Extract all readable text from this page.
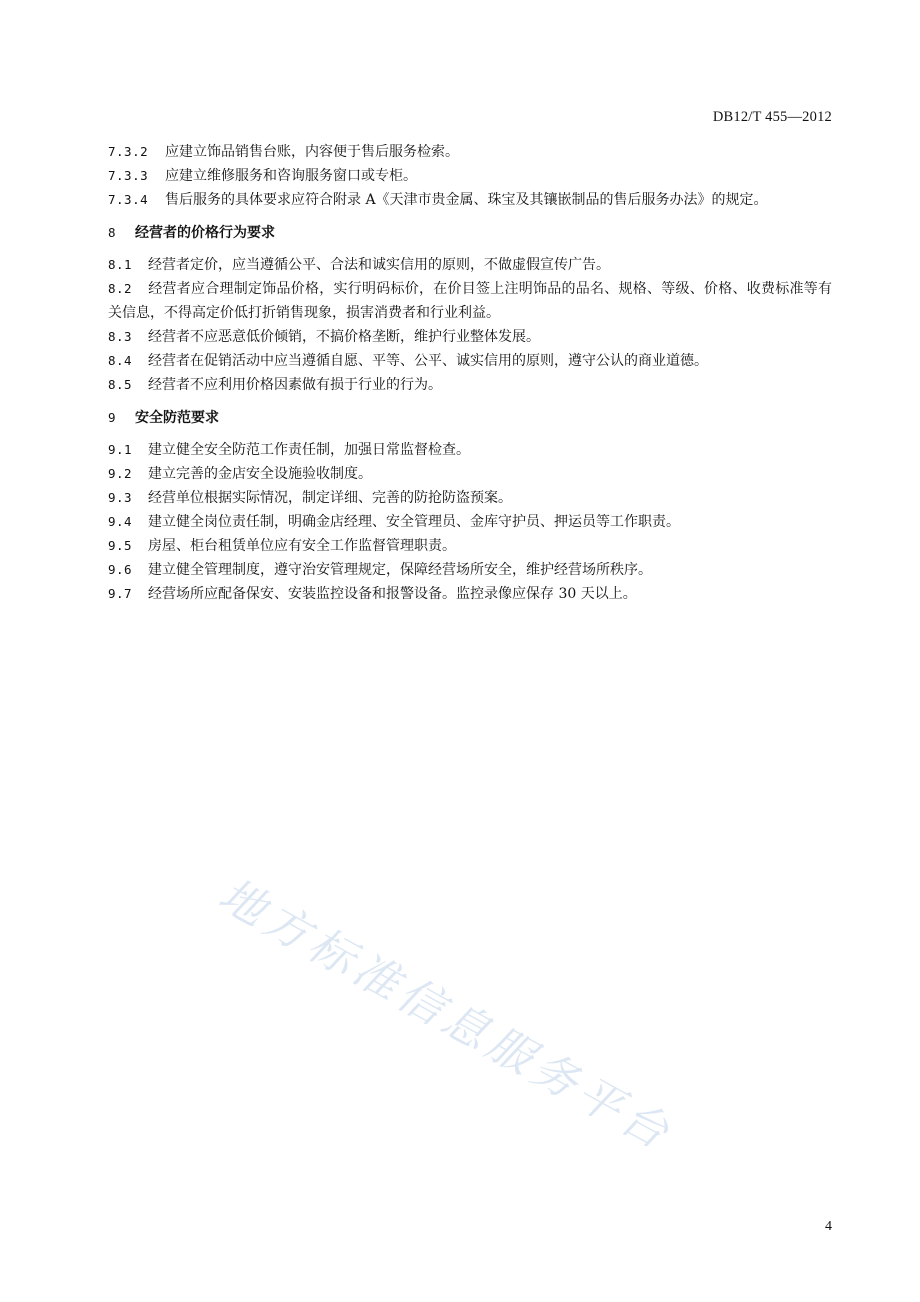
DB12/T 455—2012
7.3.2 应建立饰品销售台账，内容便于售后服务检索。
7.3.3 应建立维修服务和咨询服务窗口或专柜。
7.3.4 售后服务的具体要求应符合附录 A《天津市贵金属、珠宝及其镶嵌制品的售后服务办法》的规定。
8 经营者的价格行为要求
8.1 经营者定价，应当遵循公平、合法和诚实信用的原则，不做虚假宣传广告。
8.2 经营者应合理制定饰品价格，实行明码标价，在价目签上注明饰品的品名、规格、等级、价格、收费标准等有关信息，不得高定价低打折销售现象，损害消费者和行业利益。
8.3 经营者不应恶意低价倾销，不搞价格垄断，维护行业整体发展。
8.4 经营者在促销活动中应当遵循自愿、平等、公平、诚实信用的原则，遵守公认的商业道德。
8.5 经营者不应利用价格因素做有损于行业的行为。
9 安全防范要求
9.1 建立健全安全防范工作责任制，加强日常监督检查。
9.2 建立完善的金店安全设施验收制度。
9.3 经营单位根据实际情况，制定详细、完善的防抢防盗预案。
9.4 建立健全岗位责任制，明确金店经理、安全管理员、金库守护员、押运员等工作职责。
9.5 房屋、柜台租赁单位应有安全工作监督管理职责。
9.6 建立健全管理制度，遵守治安管理规定，保障经营场所安全，维护经营场所秩序。
9.7 经营场所应配备保安、安装监控设备和报警设备。监控录像应保存 30 天以上。
地方标准信息服务平台
4
